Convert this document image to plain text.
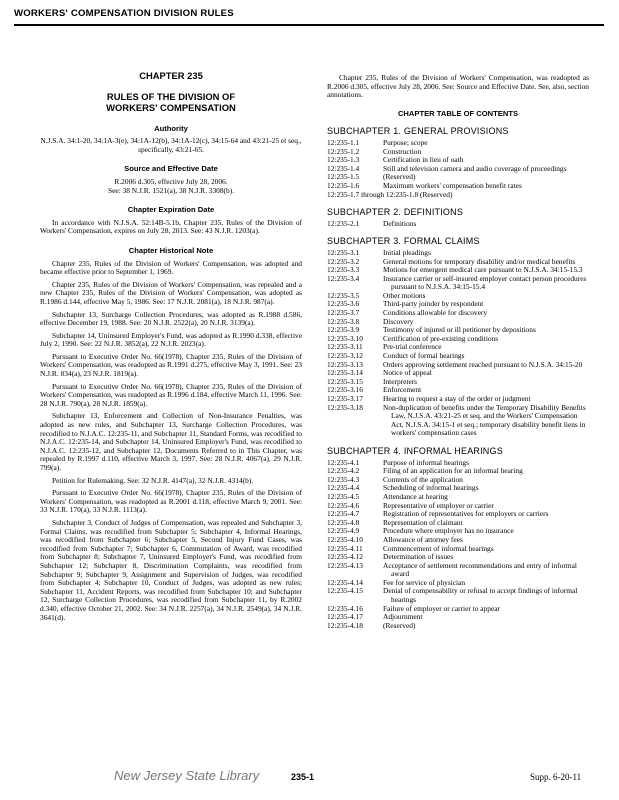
WORKERS' COMPENSATION DIVISION RULES
CHAPTER 235
RULES OF THE DIVISION OF
WORKERS' COMPENSATION
Authority
N.J.S.A. 34:1-20, 34:1A-3(e), 34:1A-12(b), 34:1A-12(c), 34:15-64 and 43:21-25 et seq., specifically, 43:21-65.
Source and Effective Date
R.2006 d.305, effective July 28, 2006.
See: 38 N.J.R. 1521(a), 38 N.J.R. 3308(b).
Chapter Expiration Date

In accordance with N.J.S.A. 52:14B-5.1b, Chapter 235, Rules of the Division of Workers' Compensation, expires on July 28, 2013. See: 43 N.J.R. 1203(a).

Chapter Historical Note

Chapter 235, Rules of the Division of Workers' Compensation, was adopted and became effective prior to September 1, 1969.

Chapter 235, Rules of the Division of Workers' Compensation, was repealed and a new Chapter 235, Rules of the Division of Workers' Compensation, was adopted as R.1986 d.144, effective May 5, 1986. See: 17 N.J.R. 2081(a), 18 N.J.R. 987(a).

Subchapter 13, Surcharge Collection Procedures, was adopted as R.1988 d.586, effective December 19, 1988. See: 20 N.J.R. 2522(a), 20 N.J.R. 3139(a).

Subchapter 14, Uninsured Employer's Fund, was adopted as R.1990 d.338, effective July 2, 1990. See: 22 N.J.R. 3852(a), 22 N.J.R. 2023(a).

Pursuant to Executive Order No. 66(1978), Chapter 235, Rules of the Division of Workers' Compensation, was readopted as R.1991 d.275, effective May 3, 1991. See: 23 N.J.R. 834(a), 23 N.J.R. 1819(a).

Pursuant to Executive Order No. 66(1978), Chapter 235, Rules of the Division of Workers' Compensation, was readopted as R.1996 d.184, effective March 11, 1996. See: 28 N.J.R. 790(a), 28 N.J.R. 1859(a).

Subchapter 13, Enforcement and Collection of Non-Insurance Penalties, was adopted as new rules, and Subchapter 13, Surcharge Collection Procedures, was recodified to N.J.A.C. 12:235-11, and Subchapter 11, Standard Forms, was recodified to N.J.A.C. 12:235-14, and Subchapter 14, Uninsured Employer's Fund, was recodified to N.J.A.C. 12:235-12, and Subchapter 12, Documents Referred to in This Chapter, was repealed by R.1997 d.110, effective March 3, 1997. See: 28 N.J.R. 4067(a), 29 N.J.R. 799(a).

Petition for Rulemaking. See: 32 N.J.R. 4147(a), 32 N.J.R. 4314(b).

Pursuant to Executive Order No. 66(1978), Chapter 235, Rules of the Division of Workers' Compensation, was readopted as R.2001 d.118, effective March 9, 2001. See: 33 N.J.R. 170(a), 33 N.J.R. 1113(a).

Subchapter 3, Conduct of Judges of Compensation, was repealed and Subchapter 3, Formal Claims, was recodified from Subchapter 5; Subchapter 4, Informal Hearings, was recodified from Subchapter 6; Subchapter 5, Second Injury Fund Cases, was recodified from Subchapter 7; Subchapter 6, Commutation of Award, was recodified from Subchapter 8; Subchapter 7, Uninsured Employer's Fund, was recodified from Subchapter 12; Subchapter 8, Discrimination Complaints, was recodified from Subchapter 9; Subchapter 9, Assignment and Supervision of Judges, was recodified from Subchapter 4; Subchapter 10, Conduct of Judges, was adopted as new rules; Subchapter 11, Accident Reports, was recodified from Subchapter 10; and Subchapter 12, Surcharge Collection Procedures, was recodified from Subchapter 11, by R.2002 d.340, effective October 21, 2002. See: 34 N.J.R. 2257(a), 34 N.J.R. 2549(a), 34 N.J.R. 3641(d).

Chapter 235, Rules of the Division of Workers' Compensation, was readopted as R.2006 d.305, effective July 28, 2006. See: Source and Effective Date. See, also, section annotations.

CHAPTER TABLE OF CONTENTS
SUBCHAPTER 1. GENERAL PROVISIONS
12:235-1.1	Purpose; scope
12:235-1.2	Construction
12:235-1.3	Certification in lieu of oath
12:235-1.4	Still and television camera and audio coverage of proceedings
12:235-1.5	(Reserved)
12:235-1.6	Maximum workers' compensation benefit rates
12:235-1.7 through 12:235-1.8 (Reserved)
SUBCHAPTER 2. DEFINITIONS
12:235-2.1	Definitions
SUBCHAPTER 3. FORMAL CLAIMS
12:235-3.1	Initial pleadings
12:235-3.2	General motions for temporary disability and/or medical benefits
12:235-3.3	Motions for emergent medical care pursuant to N.J.S.A. 34:15-15.3
12:235-3.4	Insurance carrier or self-insured employer contact person procedures pursuant to N.J.S.A. 34:15-15.4
12:235-3.5	Other motions
12:235-3.6	Third-party joinder by respondent
12:235-3.7	Conditions allowable for discovery
12:235-3.8	Discovery
12:235-3.9	Testimony of injured or ill petitioner by depositions
12:235-3.10	Certification of pre-existing conditions
12:235-3.11	Pre-trial conference
12:235-3.12	Conduct of formal hearings
12:235-3.13	Orders approving settlement reached pursuant to N.J.S.A. 34:15-20
12:235-3.14	Notice of appeal
12:235-3.15	Interpreters
12:235-3.16	Enforcement
12:235-3.17	Hearing to request a stay of the order or judgment
12:235-3.18	Non-duplication of benefits under the Temporary Disability Benefits Law, N.J.S.A. 43:21-25 et seq. and the Workers' Compensation Act, N.J.S.A. 34:15-1 et seq.; temporary disability benefit liens in workers' compensation cases
SUBCHAPTER 4. INFORMAL HEARINGS
12:235-4.1	Purpose of informal hearings
12:235-4.2	Filing of an application for an informal hearing
12:235-4.3	Contents of the application
12:235-4.4	Scheduling of informal hearings
12:235-4.5	Attendance at hearing
12:235-4.6	Representative of employer or carrier
12:235-4.7	Registration of representatives for employers or carriers
12:235-4.8	Representation of claimant
12:235-4.9	Procedure where employer has no insurance
12:235-4.10	Allowance of attorney fees
12:235-4.11	Commencement of informal hearings
12:235-4.12	Determination of issues
12:235-4.13	Acceptance of settlement recommendations and entry of informal award
12:235-4.14	Fee for service of physician
12:235-4.15	Denial of compensability or refusal to accept findings of informal hearings
12:235-4.16	Failure of employer or carrier to appear
12:235-4.17	Adjournment
12:235-4.18	(Reserved)
New Jersey State Library	235-1	Supp. 6-20-11
